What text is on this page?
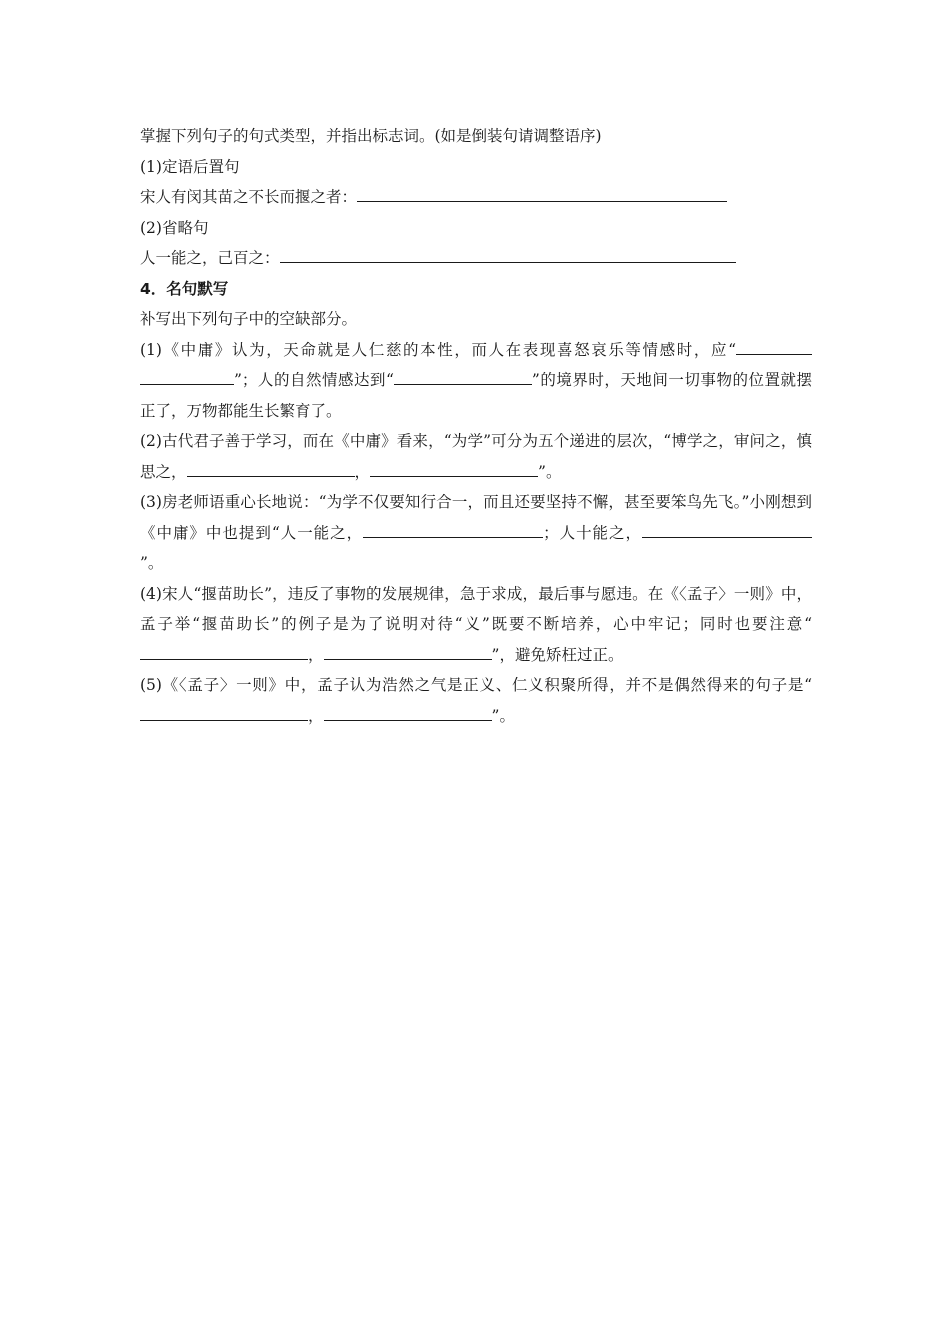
掌握下列句子的句式类型，并指出标志词。(如是倒装句请调整语序)
(1)定语后置句
宋人有闵其苗之不长而揠之者：
(2)省略句
人一能之，己百之：
4．名句默写
补写出下列句子中的空缺部分。
(1)《中庸》认为，天命就是人仁慈的本性，而人在表现喜怒哀乐等情感时，应“”；人的自然情感达到“	”的境界时，天地间一切事物的位置就摆正了，万物都能生长繁育了。
(2)古代君子善于学习，而在《中庸》看来，“为学”可分为五个递进的层次，“博学之，审问之，慎思之，	，	”。
(3)房老师语重心长地说：“为学不仅要知行合一，而且还要坚持不懈，甚至要笨鸟先飞。”小刚想到《中庸》中也提到“人一能之，	；人十能之，”。
(4)宋人“揠苗助长”，违反了事物的发展规律，急于求成，最后事与愿违。在《〈孟子〉一则》中，孟子举“揠苗助长”的例子是为了说明对待“义”既要不断培养，心中牢记；同时也要注意“，	”，避免矫枉过正。
(5)《〈孟子〉一则》中，孟子认为浩然之气是正义、仁义积聚所得，并不是偶然得来的句子是“，	”。
